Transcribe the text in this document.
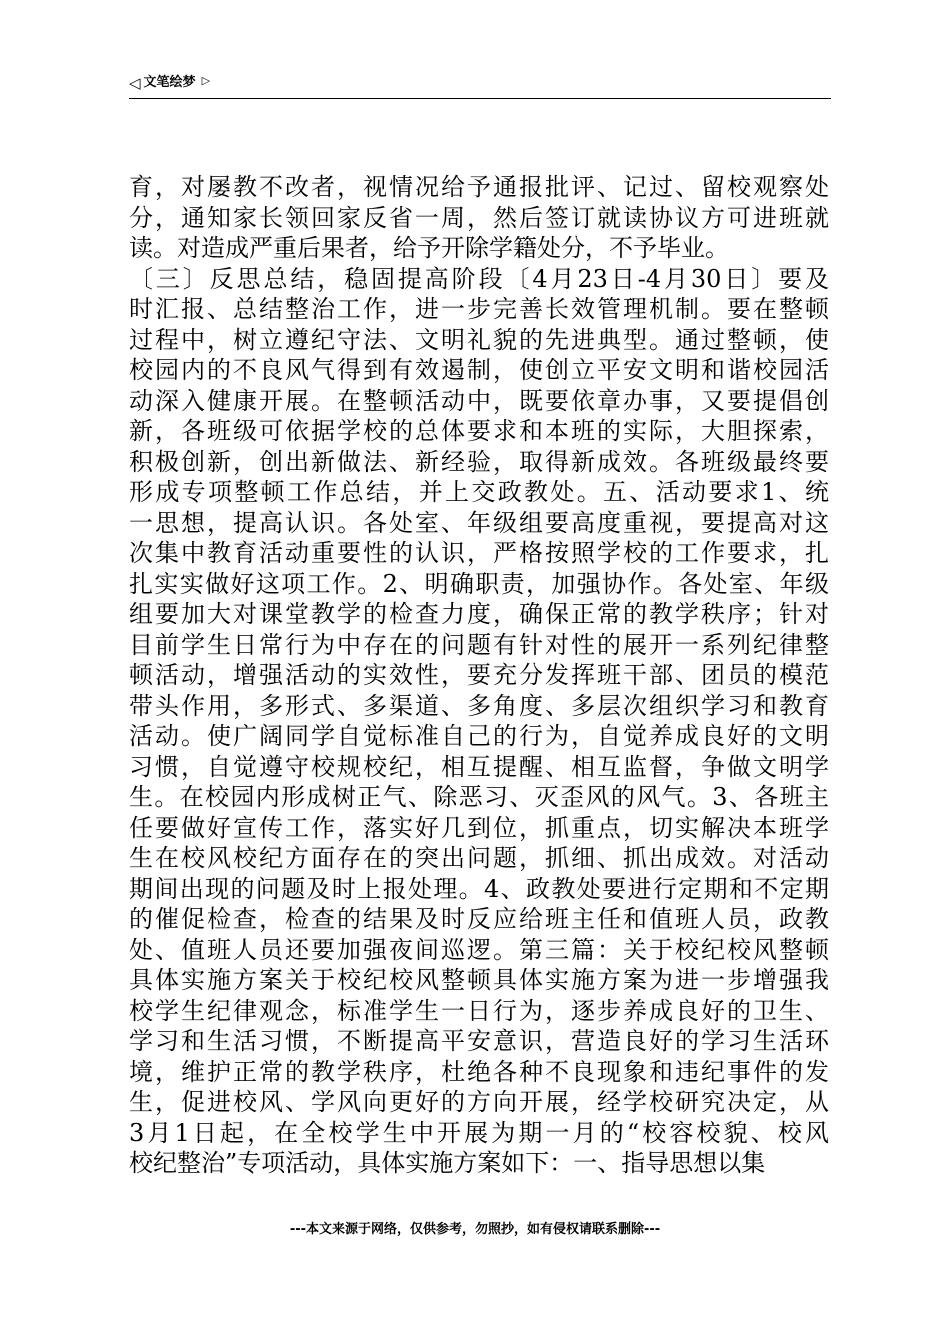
◁ 文笔绘梦 ▷
育，对屡教不改者，视情况给予通报批评、记过、留校观察处
分，通知家长领回家反省一周，然后签订就读协议方可进班就
读。对造成严重后果者，给予开除学籍处分，不予毕业。
〔三〕反思总结，稳固提高阶段〔4月23日-4月30日〕要及
时汇报、总结整治工作，进一步完善长效管理机制。要在整顿
过程中，树立遵纪守法、文明礼貌的先进典型。通过整顿，使
校园内的不良风气得到有效遏制，使创立平安文明和谐校园活
动深入健康开展。在整顿活动中，既要依章办事，又要提倡创
新，各班级可依据学校的总体要求和本班的实际，大胆探索，
积极创新，创出新做法、新经验，取得新成效。各班级最终要
形成专项整顿工作总结，并上交政教处。五、活动要求1、统
一思想，提高认识。各处室、年级组要高度重视，要提高对这
次集中教育活动重要性的认识，严格按照学校的工作要求，扎
扎实实做好这项工作。2、明确职责，加强协作。各处室、年级
组要加大对课堂教学的检查力度，确保正常的教学秩序；针对
目前学生日常行为中存在的问题有针对性的展开一系列纪律整
顿活动，增强活动的实效性，要充分发挥班干部、团员的模范
带头作用，多形式、多渠道、多角度、多层次组织学习和教育
活动。使广阔同学自觉标准自己的行为，自觉养成良好的文明
习惯，自觉遵守校规校纪，相互提醒、相互监督，争做文明学
生。在校园内形成树正气、除恶习、灭歪风的风气。3、各班主
任要做好宣传工作，落实好几到位，抓重点，切实解决本班学
生在校风校纪方面存在的突出问题，抓细、抓出成效。对活动
期间出现的问题及时上报处理。4、政教处要进行定期和不定期
的催促检查，检查的结果及时反应给班主任和值班人员，政教
处、值班人员还要加强夜间巡逻。第三篇：关于校纪校风整顿
具体实施方案关于校纪校风整顿具体实施方案为进一步增强我
校学生纪律观念，标准学生一日行为，逐步养成良好的卫生、
学习和生活习惯，不断提高平安意识，营造良好的学习生活环
境，维护正常的教学秩序，杜绝各种不良现象和违纪事件的发
生，促进校风、学风向更好的方向开展，经学校研究决定，从
3月1日起，在全校学生中开展为期一月的“校容校貌、校风
校纪整治”专项活动，具体实施方案如下：一、指导思想以集
---本文来源于网络，仅供参考，勿照抄，如有侵权请联系删除---
